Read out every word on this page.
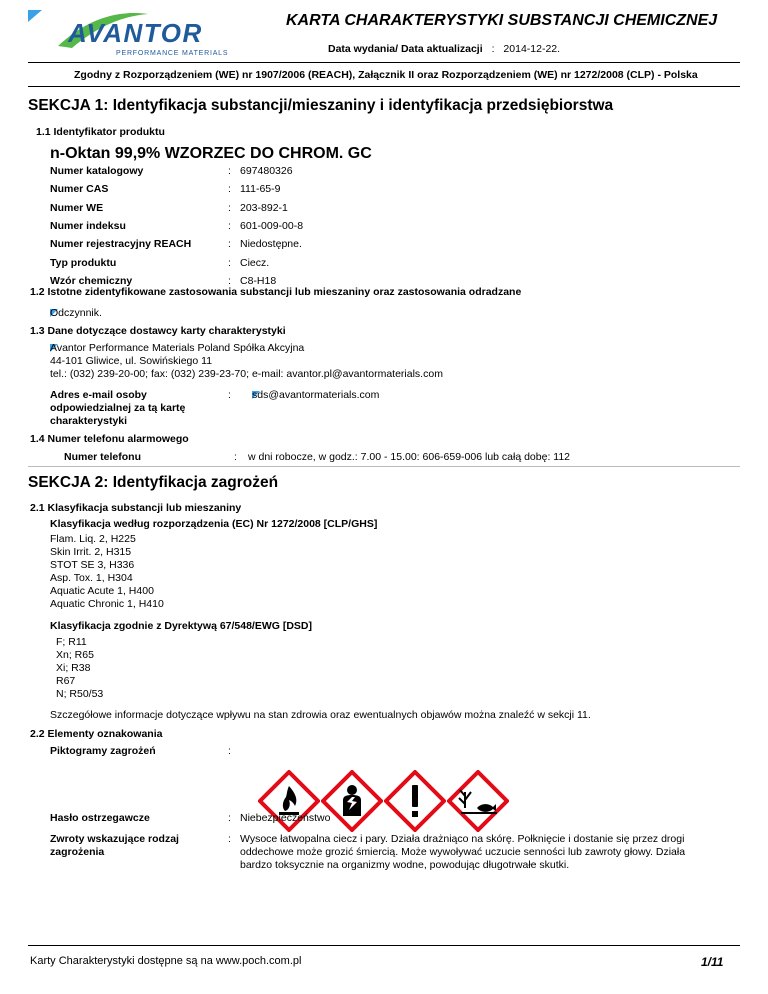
AVANTOR
PERFORMANCE MATERIALS
KARTA CHARAKTERYSTYKI SUBSTANCJI CHEMICZNEJ
Data wydania/ Data aktualizacji : 2014-12-22.
Zgodny z Rozporządzeniem (WE) nr 1907/2006 (REACH), Załącznik II oraz Rozporządzeniem (WE) nr 1272/2008 (CLP) - Polska
SEKCJA 1: Identyfikacja substancji/mieszaniny i identyfikacja przedsiębiorstwa
1.1 Identyfikator produktu
n-Oktan 99,9% WZORZEC DO CHROM. GC
Numer katalogowy	: 697480326
Numer CAS	: 111-65-9
Numer WE	: 203-892-1
Numer indeksu	: 601-009-00-8
Numer rejestracyjny REACH	: Niedostępne.
Typ produktu	: Ciecz.
Wzór chemiczny	: C8-H18
1.2 Istotne zidentyfikowane zastosowania substancji lub mieszaniny oraz zastosowania odradzane
Odczynnik.
1.3 Dane dotyczące dostawcy karty charakterystyki
Avantor Performance Materials Poland Spółka Akcyjna
44-101 Gliwice, ul. Sowińskiego 11
tel.: (032) 239-20-00; fax: (032) 239-23-70; e-mail: avantor.pl@avantormaterials.com
Adres e-mail osoby
odpowiedzialnej za tą kartę
charakterystyki
: sds@avantormaterials.com
1.4 Numer telefonu alarmowego
Numer telefonu	: w dni robocze, w godz.: 7.00 - 15.00: 606-659-006 lub całą dobę: 112
SEKCJA 2: Identyfikacja zagrożeń
2.1 Klasyfikacja substancji lub mieszaniny
Klasyfikacja według rozporządzenia (EC) Nr 1272/2008 [CLP/GHS]
Flam. Liq. 2, H225
Skin Irrit. 2, H315
STOT SE 3, H336
Asp. Tox. 1, H304
Aquatic Acute 1, H400
Aquatic Chronic 1, H410
Klasyfikacja zgodnie z Dyrektywą 67/548/EWG [DSD]
F; R11
Xn; R65
Xi; R38
R67
N; R50/53
Szczegółowe informacje dotyczące wpływu na stan zdrowia oraz ewentualnych objawów można znaleźć w sekcji 11.
2.2 Elementy oznakowania
Piktogramy zagrożeń	:
Hasło ostrzegawcze	: Niebezpieczeństwo
Zwroty wskazujące rodzaj
zagrożenia
: Wysoce łatwopalna ciecz i pary. Działa drażniąco na skórę. Połknięcie i dostanie się przez drogi
oddechowe może grozić śmiercią. Może wywoływać uczucie senności lub zawroty głowy. Działa
bardzo toksycznie na organizmy wodne, powodując długotrwałe skutki.
Karty Charakterystyki dostępne są na www.poch.com.pl	1/11
